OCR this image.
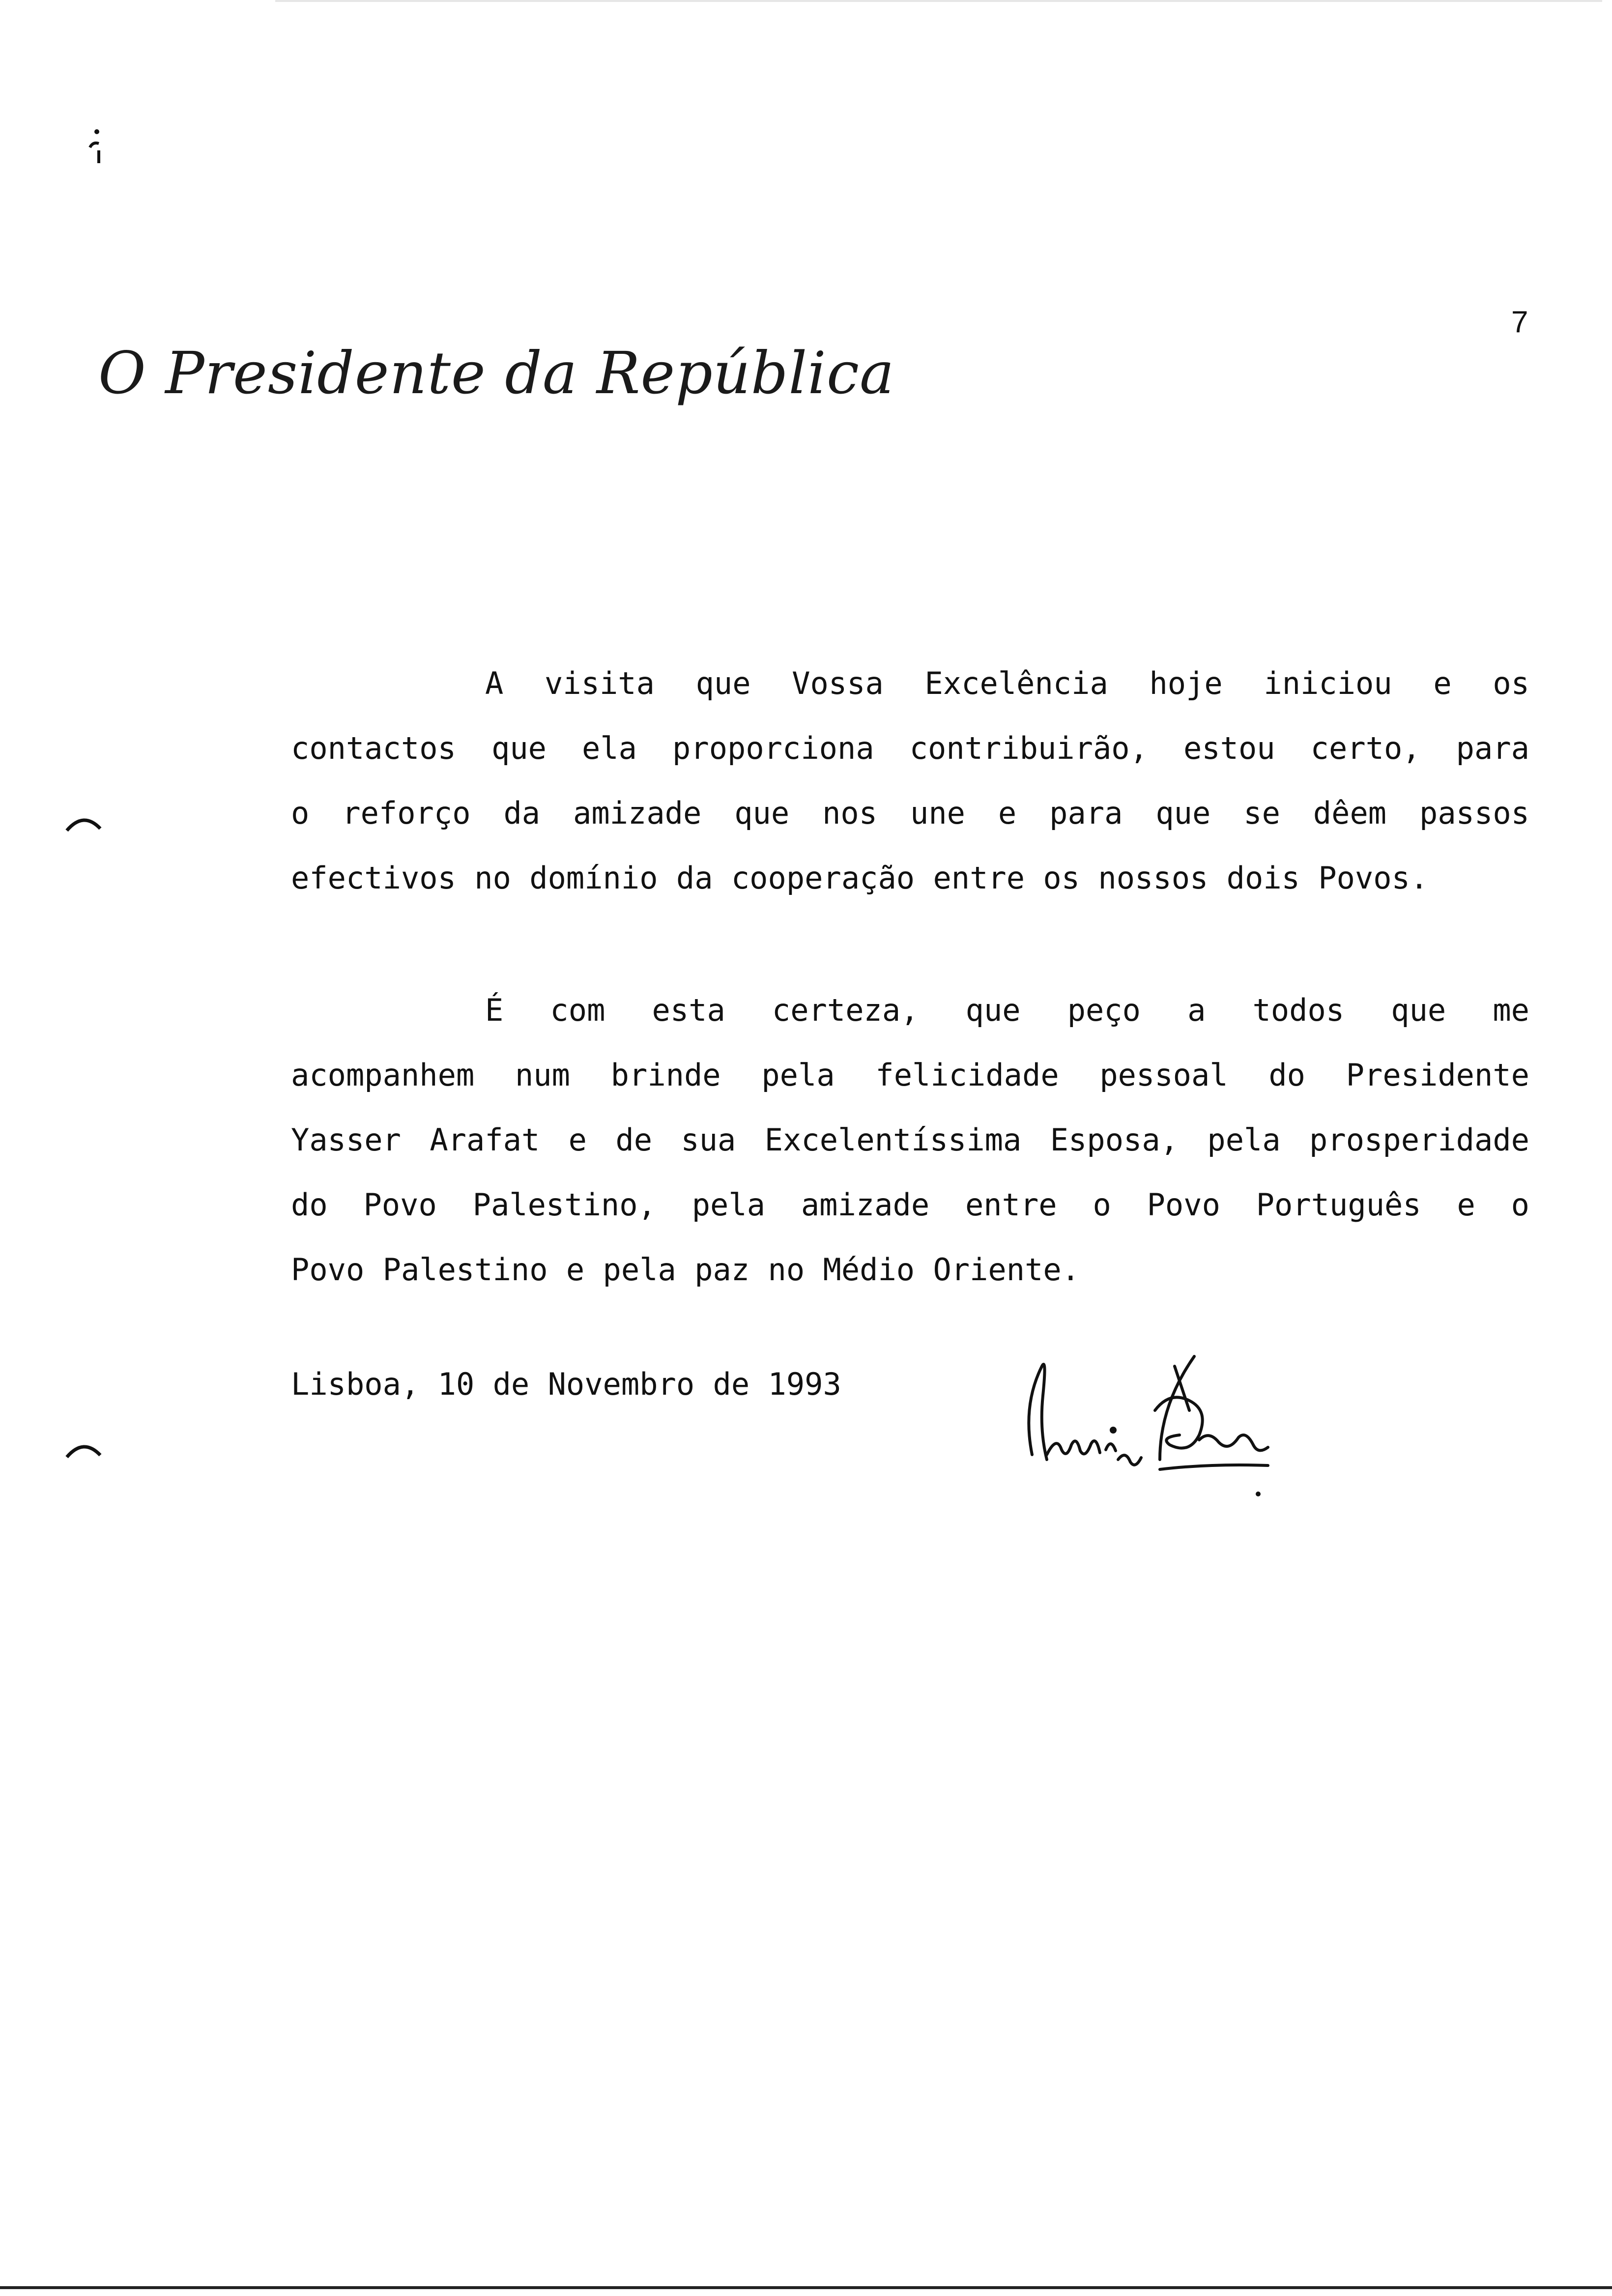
7
O Presidente da República
A visita que Vossa Excelência hoje iniciou e os
contactos que ela proporciona contribuirão, estou certo, para
o reforço da amizade que nos une e para que se dêem passos
efectivos no domínio da cooperação entre os nossos dois Povos.
É com esta certeza, que peço a todos que me
acompanhem num brinde pela felicidade pessoal do Presidente
Yasser Arafat e de sua Excelentíssima Esposa, pela prosperidade
do Povo Palestino, pela amizade entre o Povo Português e o
Povo Palestino e pela paz no Médio Oriente.
Lisboa, 10 de Novembro de 1993
